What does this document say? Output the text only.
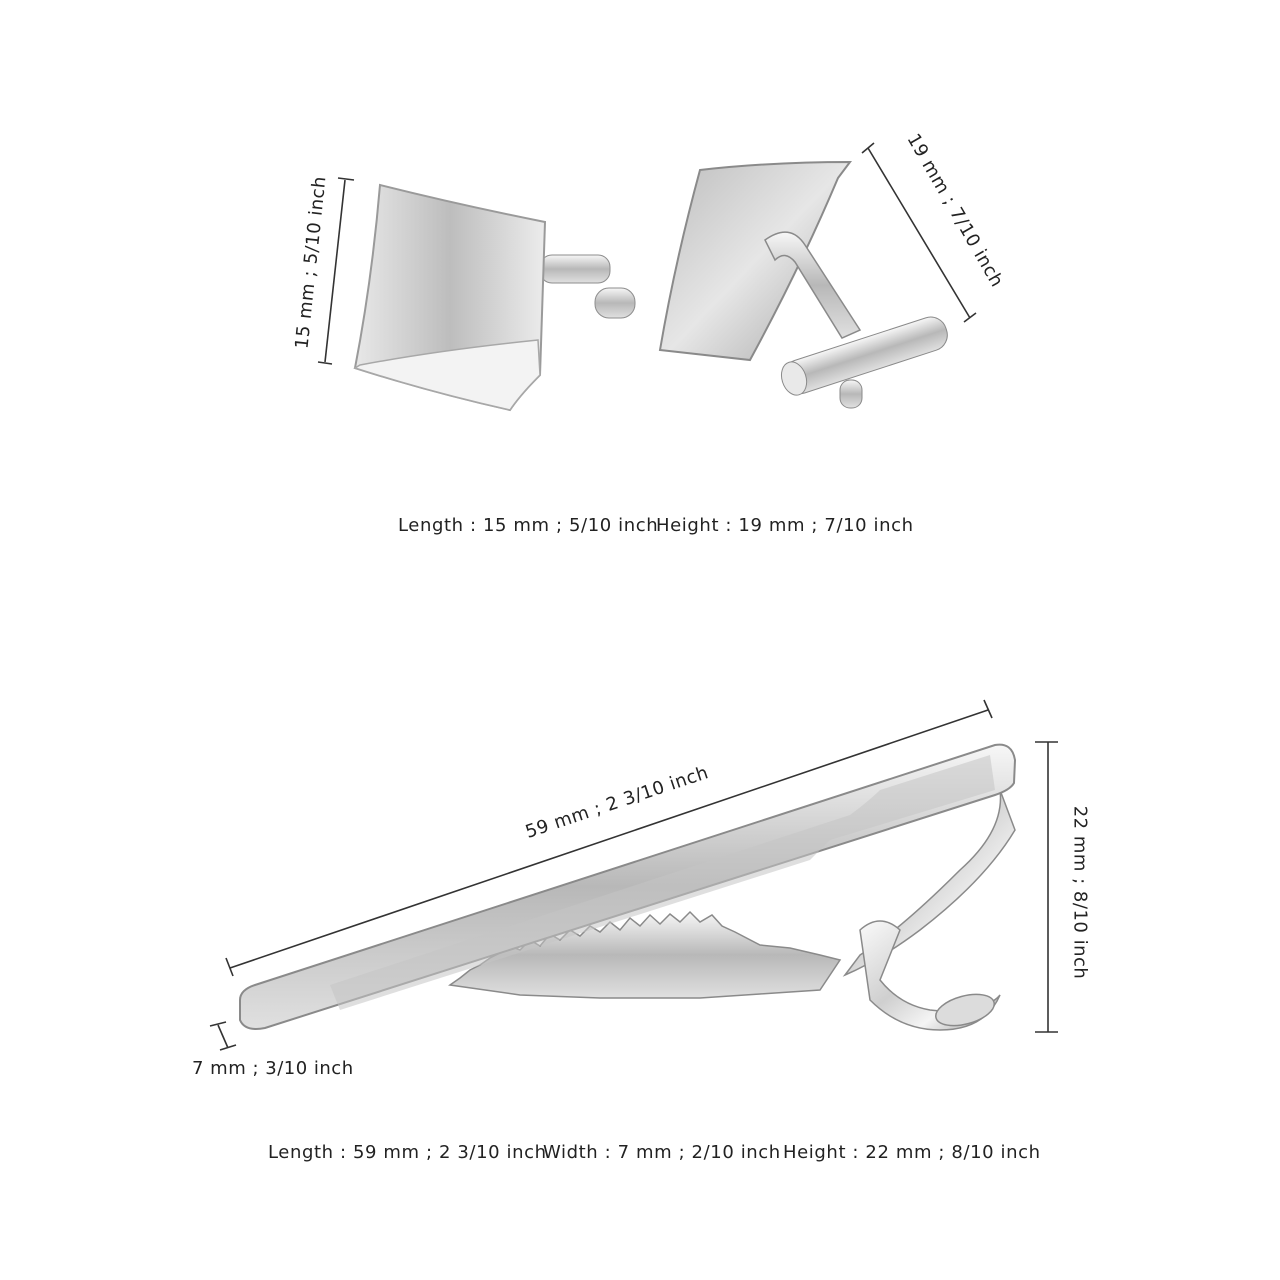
15 mm ; 5/10 inch	19 mm ; 7/10 inch
Length : 15 mm ; 5/10 inch
Height : 19 mm ; 7/10 inch
59 mm ; 2 3/10 inch
22 mm ; 8/10 inch
7 mm ; 3/10 inch
Length : 59 mm ; 2 3/10 inch
Width : 7 mm ; 2/10 inch Height : 22 mm ; 8/10 inch
